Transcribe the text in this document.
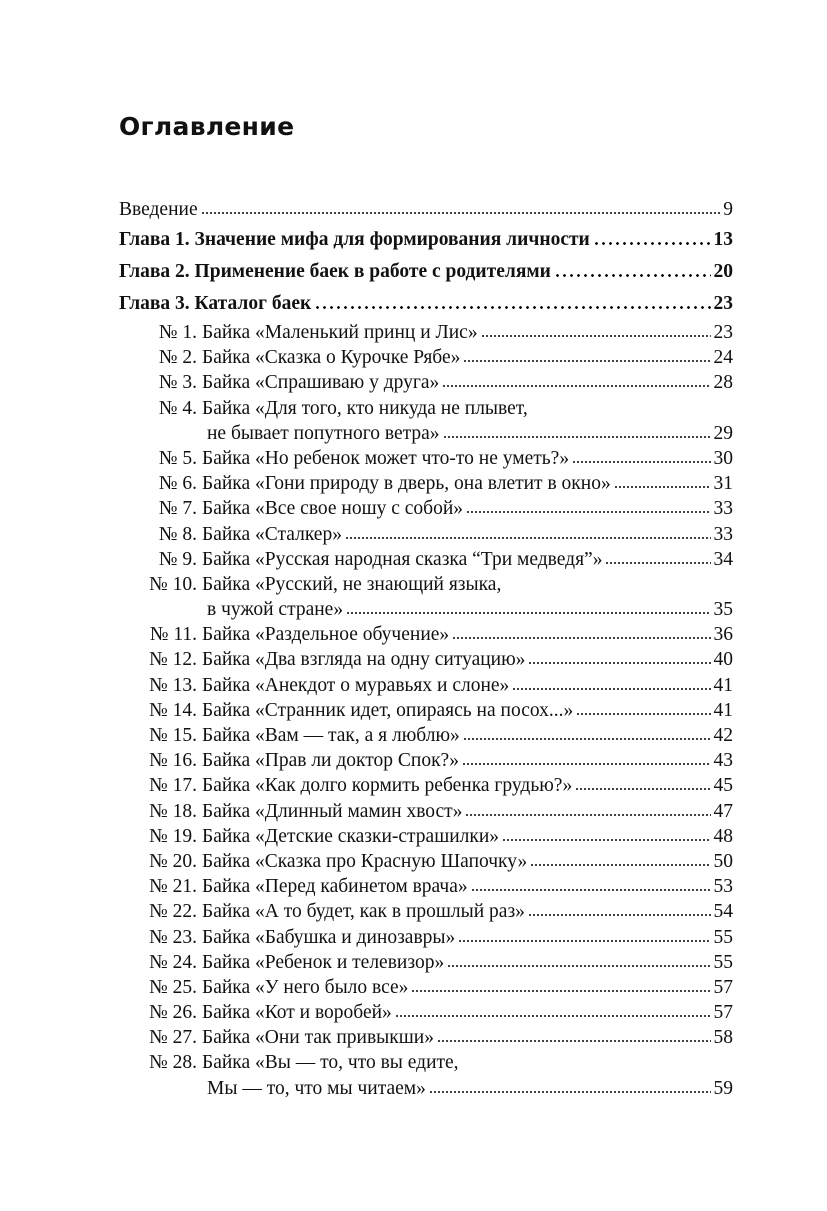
Оглавление
Введение	9
Глава 1. Значение мифа для формирования личности	13
Глава 2. Применение баек в работе с родителями	20
Глава 3. Каталог баек	23
№ 1. Байка «Маленький принц и Лис»	23
№ 2. Байка «Сказка о Курочке Рябе»	24
№ 3. Байка «Спрашиваю у друга»	28
№ 4. Байка «Для того, кто никуда не плывет,
не бывает попутного ветра»	29
№ 5. Байка «Но ребенок может что-то не уметь?»	30
№ 6. Байка «Гони природу в дверь, она влетит в окно»	31
№ 7. Байка «Все свое ношу с собой»	33
№ 8. Байка «Сталкер»	33
№ 9. Байка «Русская народная сказка “Три медведя”»	34
№ 10. Байка «Русский, не знающий языка,
в чужой стране»	35
№ 11. Байка «Раздельное обучение»	36
№ 12. Байка «Два взгляда на одну ситуацию»	40
№ 13. Байка «Анекдот о муравьях и слоне»	41
№ 14. Байка «Странник идет, опираясь на посох...»	41
№ 15. Байка «Вам — так, а я люблю»	42
№ 16. Байка «Прав ли доктор Спок?»	43
№ 17. Байка «Как долго кормить ребенка грудью?»	45
№ 18. Байка «Длинный мамин хвост»	47
№ 19. Байка «Детские сказки-страшилки»	48
№ 20. Байка «Сказка про Красную Шапочку»	50
№ 21. Байка «Перед кабинетом врача»	53
№ 22. Байка «А то будет, как в прошлый раз»	54
№ 23. Байка «Бабушка и динозавры»	55
№ 24. Байка «Ребенок и телевизор»	55
№ 25. Байка «У него было все»	57
№ 26. Байка «Кот и воробей»	57
№ 27. Байка «Они так привыкши»	58
№ 28. Байка «Вы — то, что вы едите,
Мы — то, что мы читаем»	59
